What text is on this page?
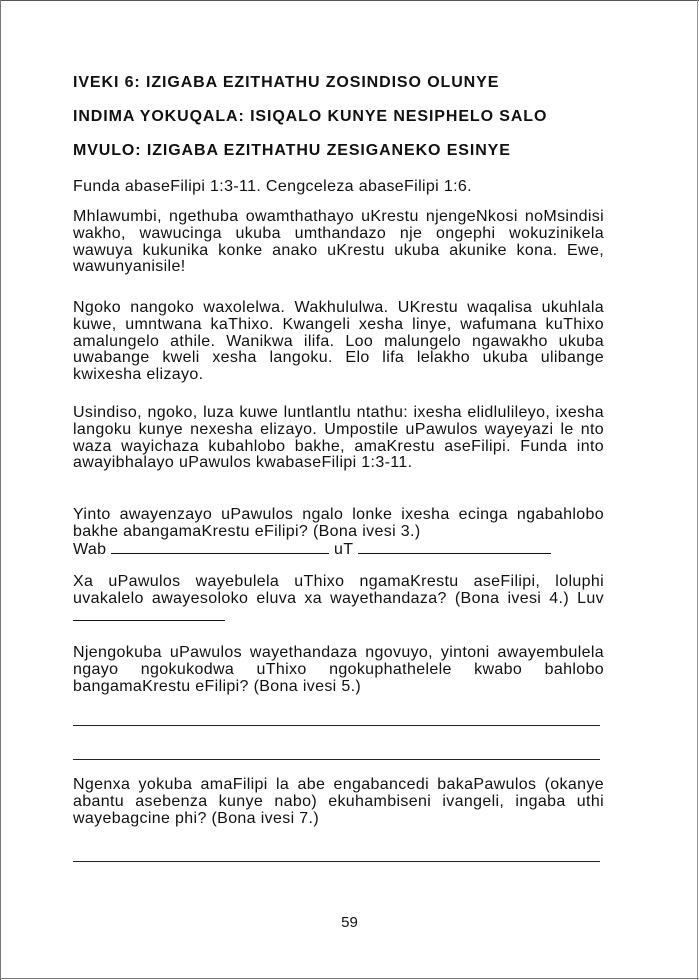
IVEKI 6: IZIGABA EZITHATHU ZOSINDISO OLUNYE
INDIMA YOKUQALA: ISIQALO KUNYE NESIPHELO SALO
MVULO: IZIGABA EZITHATHU ZESIGANEKO ESINYE
Funda abaseFilipi 1:3-11. Cengceleza abaseFilipi 1:6.
Mhlawumbi, ngethuba owamthathayo uKrestu njengeNkosi noMsindisi wakho, wawucinga ukuba umthandazo nje ongephi wokuzinikela wawuya kukunika konke anako uKrestu ukuba akunike kona. Ewe, wawunyanisile!
Ngoko nangoko waxolelwa. Wakhululwa. UKrestu waqalisa ukuhlala kuwe, umntwana kaThixo. Kwangeli xesha linye, wafumana kuThixo amalungelo athile. Wanikwa ilifa. Loo malungelo ngawakho ukuba uwabange kweli xesha langoku. Elo lifa lelakho ukuba ulibange kwixesha elizayo.
Usindiso, ngoko, luza kuwe luntlantlu ntathu: ixesha elidlulileyo, ixesha langoku kunye nexesha elizayo. Umpostile uPawulos wayeyazi le nto waza wayichaza kubahlobo bakhe, amaKrestu aseFilipi. Funda into awayibhalayo uPawulos kwabaseFilipi 1:3-11.
Yinto awayenzayo uPawulos ngalo lonke ixesha ecinga ngabahlobo bakhe abangamaKrestu eFilipi? (Bona ivesi 3.)
Wab	uT
Xa uPawulos wayebulela uThixo ngamaKrestu aseFilipi, loluphi uvakalelo awayesoloko eluva xa wayethandaza? (Bona ivesi 4.) Luv
Njengokuba uPawulos wayethandaza ngovuyo, yintoni awayembulela ngayo ngokukodwa uThixo ngokuphathelele kwabo bahlobo bangamaKrestu eFilipi? (Bona ivesi 5.)
Ngenxa yokuba amaFilipi la abe engabancedi bakaPawulos (okanye abantu asebenza kunye nabo) ekuhambiseni ivangeli, ingaba uthi wayebagcine phi? (Bona ivesi 7.)
59
